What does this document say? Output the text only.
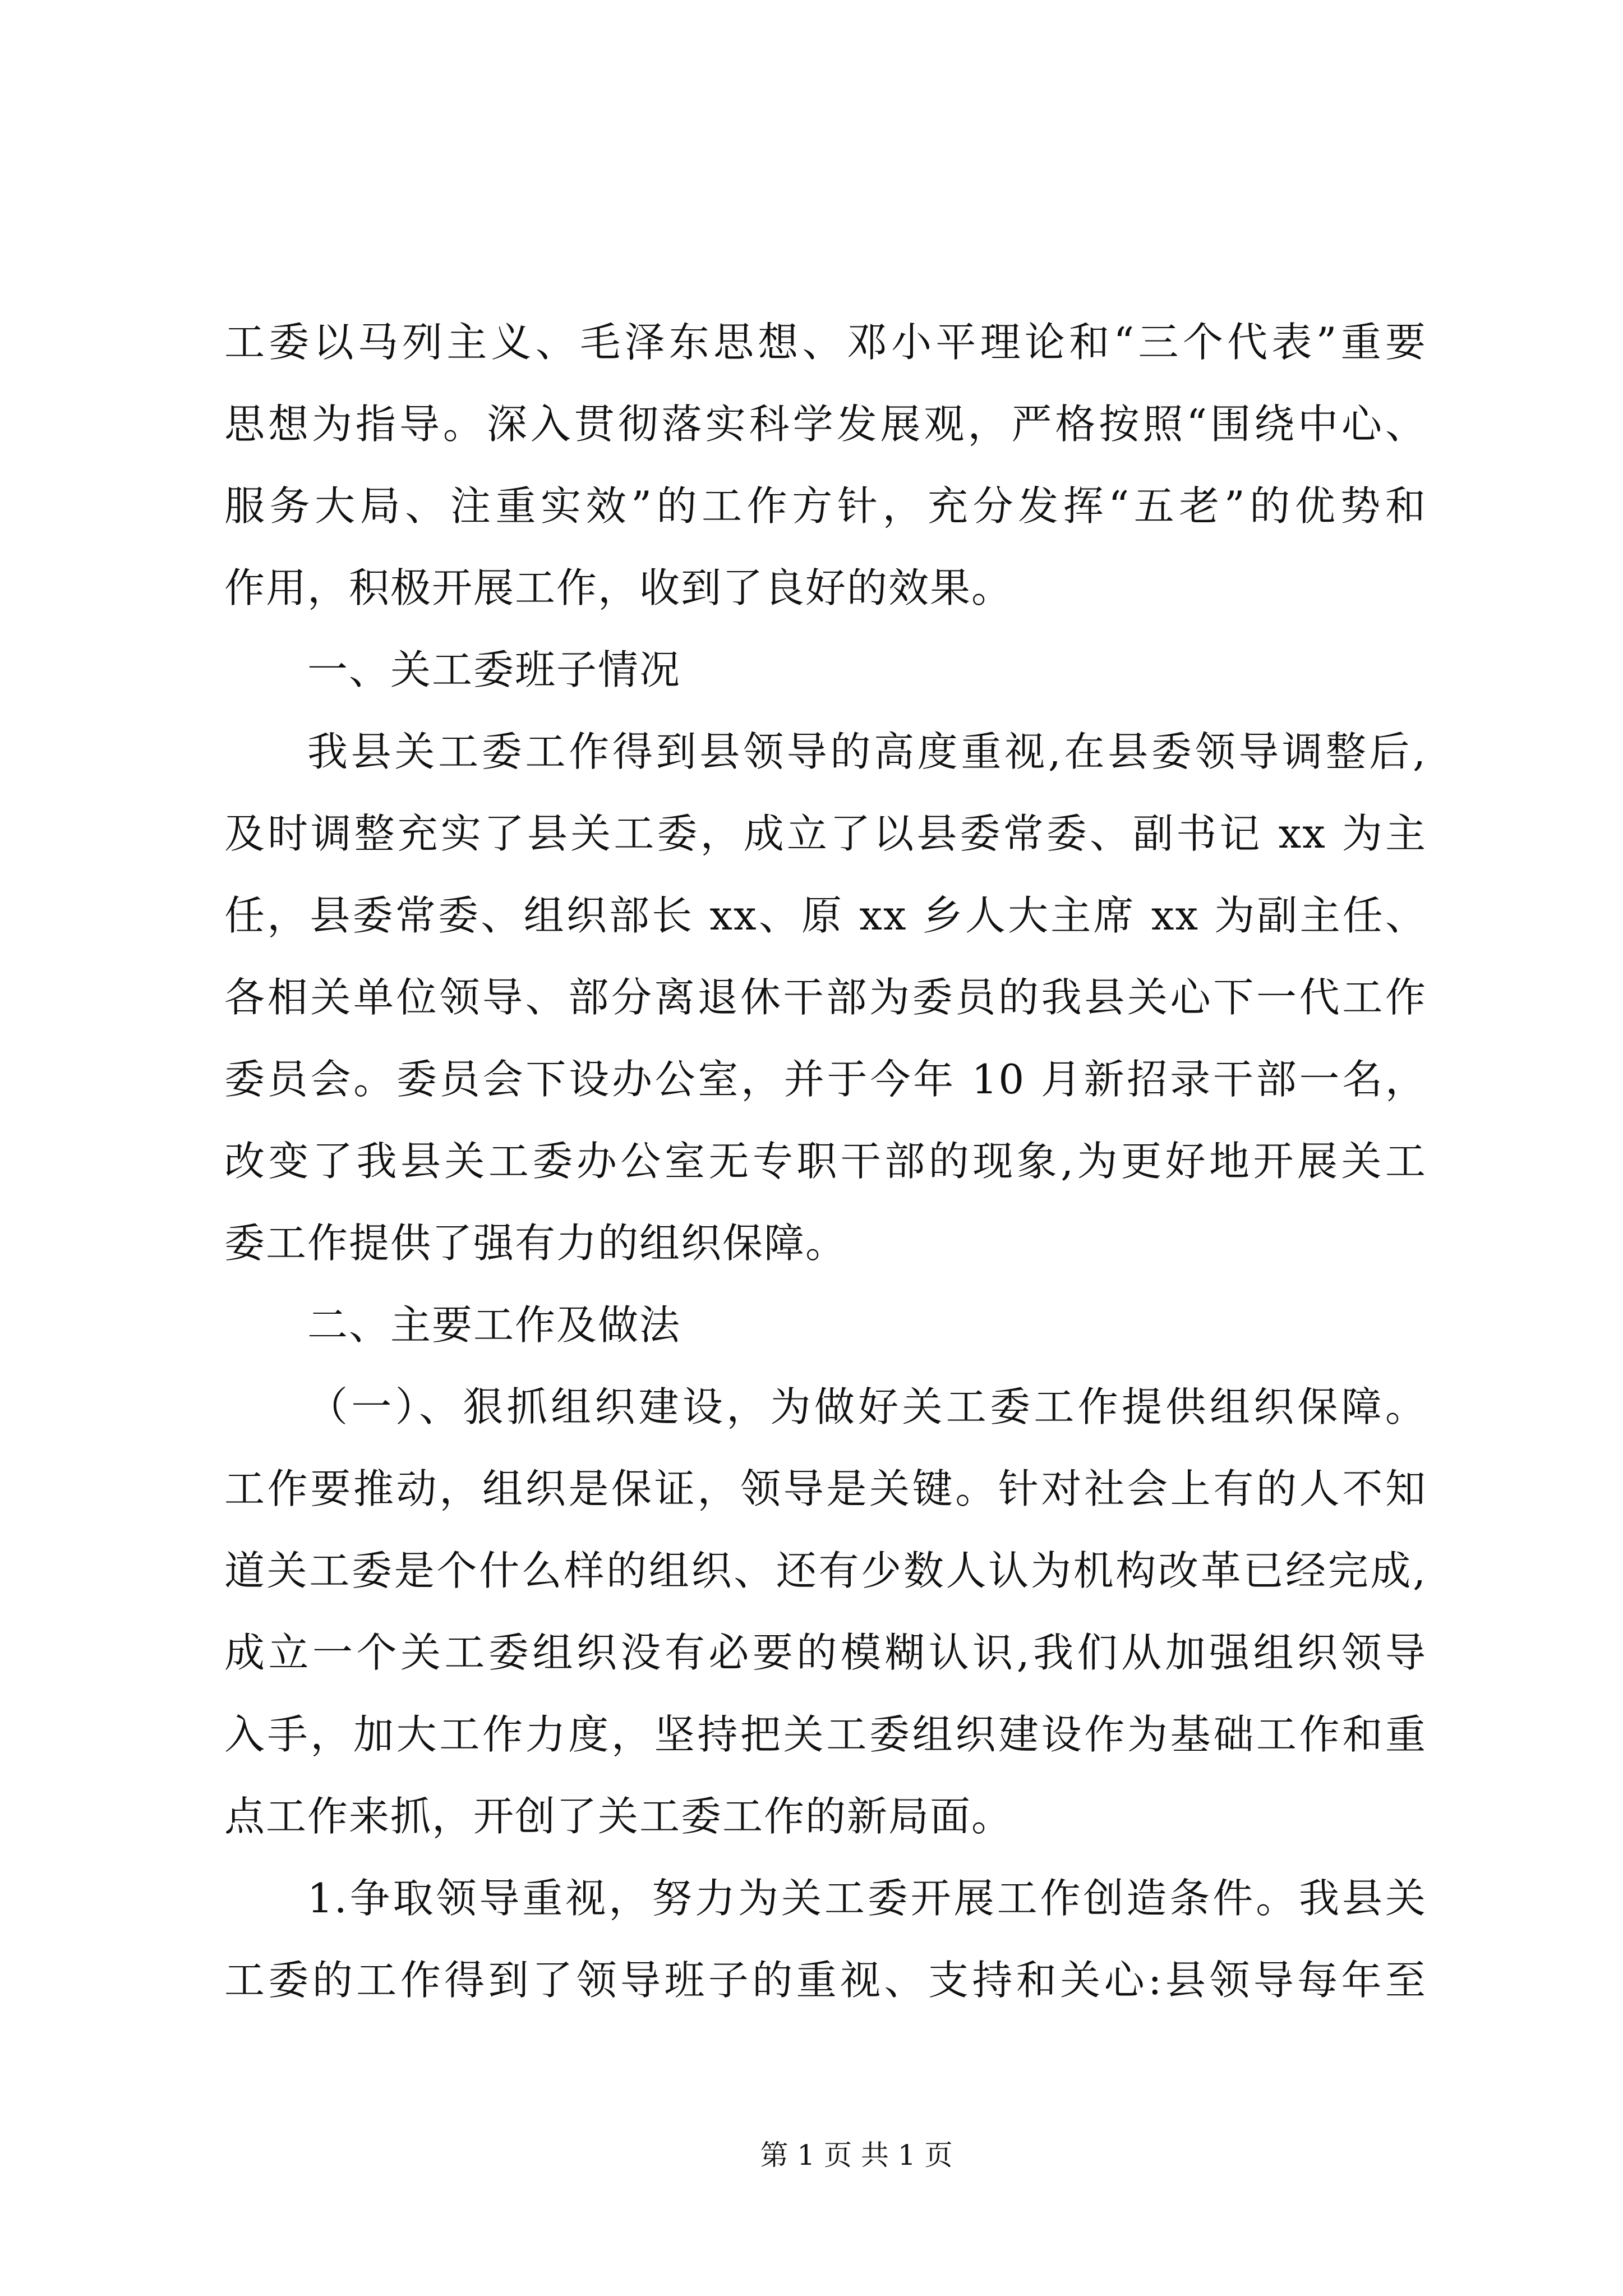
工委以马列主义、毛泽东思想、邓小平理论和“三个代表”重要
思想为指导。深入贯彻落实科学发展观，严格按照“围绕中心、
服务大局、注重实效”的工作方针，充分发挥“五老”的优势和
作用，积极开展工作，收到了良好的效果。
一、关工委班子情况
我县关工委工作得到县领导的高度重视,在县委领导调整后,
及时调整充实了县关工委，成立了以县委常委、副书记 xx 为主
任，县委常委、组织部长 xx、原 xx 乡人大主席 xx 为副主任、
各相关单位领导、部分离退休干部为委员的我县关心下一代工作
委员会。委员会下设办公室，并于今年 10 月新招录干部一名，
改变了我县关工委办公室无专职干部的现象,为更好地开展关工
委工作提供了强有力的组织保障。
二、主要工作及做法
（一）、狠抓组织建设，为做好关工委工作提供组织保障。
工作要推动，组织是保证，领导是关键。针对社会上有的人不知
道关工委是个什么样的组织、还有少数人认为机构改革已经完成,
成立一个关工委组织没有必要的模糊认识,我们从加强组织领导
入手，加大工作力度，坚持把关工委组织建设作为基础工作和重
点工作来抓，开创了关工委工作的新局面。
1.争取领导重视，努力为关工委开展工作创造条件。我县关
工委的工作得到了领导班子的重视、支持和关心:县领导每年至
第 1 页 共 1 页
